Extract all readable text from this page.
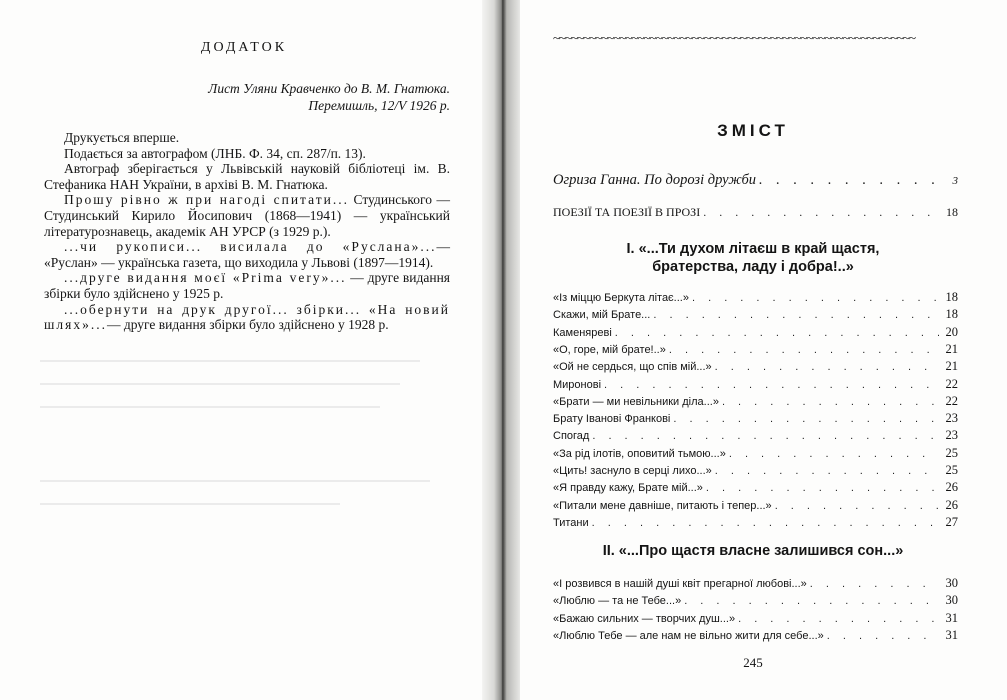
ДОДАТОК
Лист Уляни Кравченко до В. М. Гнатюка.
Перемишль, 12/V 1926 р.

Друкується вперше.

Подається за автографом (ЛНБ. Ф. 34, сп. 287/п. 13).

Автограф зберігається у Львівській науковій бібліотеці ім. В. Стефаника НАН України, в архіві В. М. Гнатюка.

Прошу рівно ж при нагоді спитати... Студинського — Студинський Кирило Йосипович (1868—1941) — український літературознавець, академік АН УРСР (з 1929 р.).

...чи рукописи... висилала до «Руслана»...— «Руслан» — українська газета, що виходила у Львові (1897—1914).

...друге видання моєї «Prima very»... — друге видання збірки було здійснено у 1925 р.

...обернути на друк другої... збірки... «На новий шлях»...— друге видання збірки було здійснено у 1928 р.

~~~~~~~~~~~~~~~~~~~~~~~~~~~~~~~~~~~~~~~~~~~~~~~~~~~~~~~~~~~~
ЗМІСТ
Огриза Ганна. По дорозі дружби . . .	3
ПОЕЗІЇ ТА ПОЕЗІЇ В ПРОЗІ . . .	18
I. «...Ти духом літаєш в край щастя,
братерства, ладу і добра!..»
«Із міццю Беркута літає...» . . .	18
Скажи, мій Брате... . . .	18
Каменяреві . . .	20
«О, горе, мій брате!..» . . .	21
«Ой не сердься, що спів мій...» . . .	21
Миронові . . .	22
«Брати — ми невільники діла...» . . .	22
Брату Івановi Франкові . . .	23
Спогад . . .	23
«За рід ілотів, оповитий тьмою...» . . .	25
«Цить! заснуло в серці лихо...» . . .	25
«Я правду кажу, Брате мій...» . . .	26
«Питали мене давніше, питають і тепер...» . . .	26
Титани . . .	27
II. «...Про щастя власне залишився сон...»
«І розвився в нашій душі квіт прегарної любові...» . . .	30
«Люблю — та не Тебе...» . . .	30
«Бажаю сильних — творчих душ...» . . .	31
«Люблю Тебе — але нам не вільно жити для себе...» . . .	31
245
